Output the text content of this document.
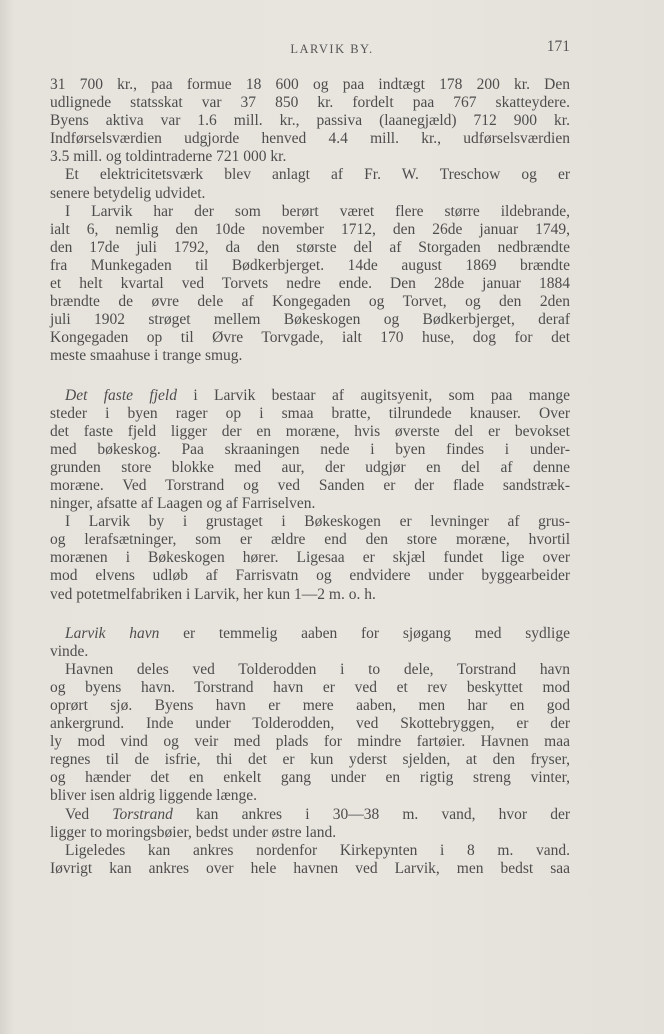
LARVIK BY.	171
31 700 kr., paa formue 18 600 og paa indtægt 178 200 kr. Den
udlignede statsskat var 37 850 kr. fordelt paa 767 skatteydere.
Byens aktiva var 1.6 mill. kr., passiva (laanegjæld) 712 900 kr.
Indførselsværdien udgjorde henved 4.4 mill. kr., udførselsværdien
3.5 mill. og toldintraderne 721 000 kr.
Et elektricitetsværk blev anlagt af Fr. W. Treschow og er
senere betydelig udvidet.
I Larvik har der som berørt været flere større ildebrande,
ialt 6, nemlig den 10de november 1712, den 26de januar 1749,
den 17de juli 1792, da den største del af Storgaden nedbrændte
fra Munkegaden til Bødkerbjerget. 14de august 1869 brændte
et helt kvartal ved Torvets nedre ende. Den 28de januar 1884
brændte de øvre dele af Kongegaden og Torvet, og den 2den
juli 1902 strøget mellem Bøkeskogen og Bødkerbjerget, deraf
Kongegaden op til Øvre Torvgade, ialt 170 huse, dog for det
meste smaahuse i trange smug.
Det faste fjeld i Larvik bestaar af augitsyenit, som paa mange
steder i byen rager op i smaa bratte, tilrundede knauser. Over
det faste fjeld ligger der en moræne, hvis øverste del er bevokset
med bøkeskog. Paa skraaningen nede i byen findes i under-
grunden store blokke med aur, der udgjør en del af denne
moræne. Ved Torstrand og ved Sanden er der flade sandstræk-
ninger, afsatte af Laagen og af Farriselven.
I Larvik by i grustaget i Bøkeskogen er levninger af grus-
og lerafsætninger, som er ældre end den store moræne, hvortil
morænen i Bøkeskogen hører. Ligesaa er skjæl fundet lige over
mod elvens udløb af Farrisvatn og endvidere under byggearbeider
ved potetmelfabriken i Larvik, her kun 1—2 m. o. h.
Larvik havn er temmelig aaben for sjøgang med sydlige
vinde.
Havnen deles ved Tolderodden i to dele, Torstrand havn
og byens havn. Torstrand havn er ved et rev beskyttet mod
oprørt sjø. Byens havn er mere aaben, men har en god
ankergrund. Inde under Tolderodden, ved Skottebryggen, er der
ly mod vind og veir med plads for mindre fartøier. Havnen maa
regnes til de isfrie, thi det er kun yderst sjelden, at den fryser,
og hænder det en enkelt gang under en rigtig streng vinter,
bliver isen aldrig liggende længe.
Ved Torstrand kan ankres i 30—38 m. vand, hvor der
ligger to moringsbøier, bedst under østre land.
Ligeledes kan ankres nordenfor Kirkepynten i 8 m. vand.
Iøvrigt kan ankres over hele havnen ved Larvik, men bedst saa
